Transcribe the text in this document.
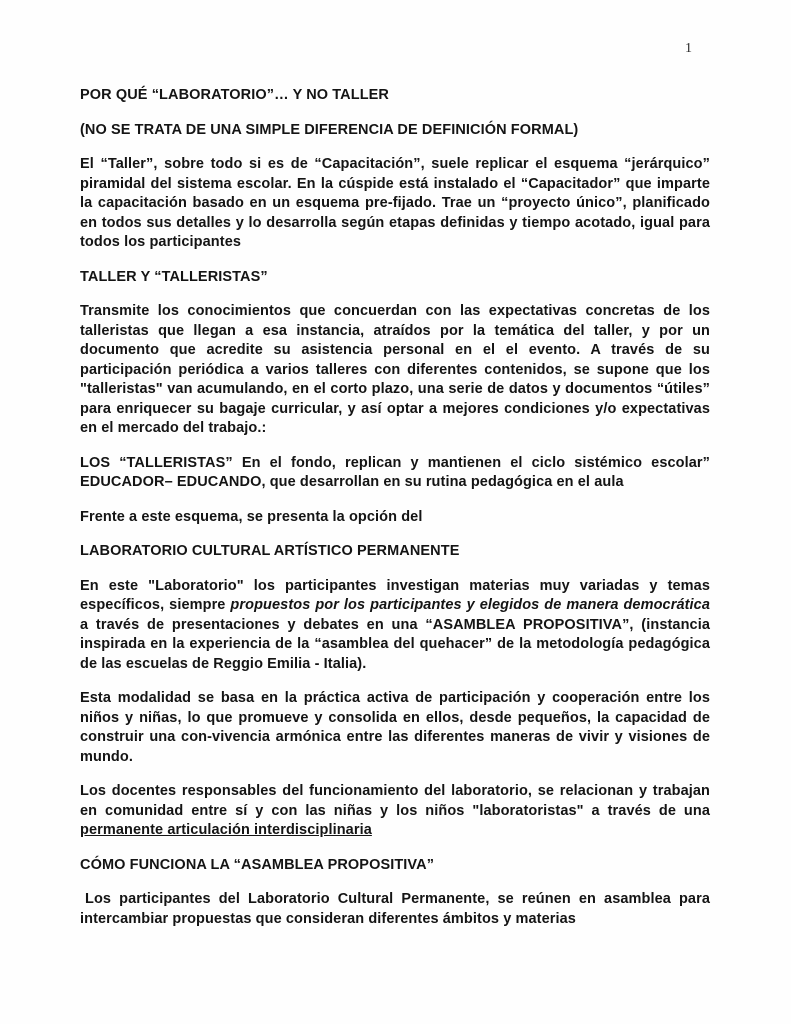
1
POR QUÉ “LABORATORIO”… Y NO TALLER
(NO SE TRATA DE UNA SIMPLE DIFERENCIA DE DEFINICIÓN FORMAL)

El “Taller”, sobre todo si es de “Capacitación”, suele replicar el esquema “jerárquico” piramidal del sistema escolar. En la cúspide está instalado el “Capacitador” que imparte la capacitación basado en un esquema pre-fijado. Trae un “proyecto único”, planificado en todos sus detalles y lo desarrolla según etapas definidas y tiempo acotado, igual para todos los participantes

TALLER Y “TALLERISTAS”

Transmite los conocimientos que concuerdan con las expectativas concretas de los talleristas que llegan a esa instancia, atraídos por la temática del taller, y por un documento que acredite su asistencia personal en el el evento. A través de su participación periódica a varios talleres con diferentes contenidos, se supone que los "talleristas" van acumulando, en el corto plazo, una serie de datos y documentos “útiles” para enriquecer su bagaje curricular, y así optar a mejores condiciones y/o expectativas en el mercado del trabajo.:

LOS “TALLERISTAS” En el fondo, replican y mantienen el ciclo sistémico escolar” EDUCADOR– EDUCANDO, que desarrollan en su rutina pedagógica en el aula

Frente a este esquema, se presenta la opción del

LABORATORIO CULTURAL ARTÍSTICO PERMANENTE

En este "Laboratorio" los participantes investigan materias muy variadas y temas específicos, siempre propuestos por los participantes y elegidos de manera democrática a través de presentaciones y debates en una “ASAMBLEA PROPOSITIVA”, (instancia inspirada en la experiencia de la “asamblea del quehacer” de la metodología pedagógica de las escuelas de Reggio Emilia - Italia).

Esta modalidad se basa en la práctica activa de participación y cooperación entre los niños y niñas, lo que promueve y consolida en ellos, desde pequeños, la capacidad de construir una con-vivencia armónica entre las diferentes maneras de vivir y visiones de mundo.

Los docentes responsables del funcionamiento del laboratorio, se relacionan y trabajan en comunidad entre sí y con las niñas y los niños "laboratoristas" a través de una permanente articulación interdisciplinaria

CÓMO FUNCIONA LA “ASAMBLEA PROPOSITIVA”

Los participantes del Laboratorio Cultural Permanente, se reúnen en asamblea para intercambiar propuestas que consideran diferentes ámbitos y materias
